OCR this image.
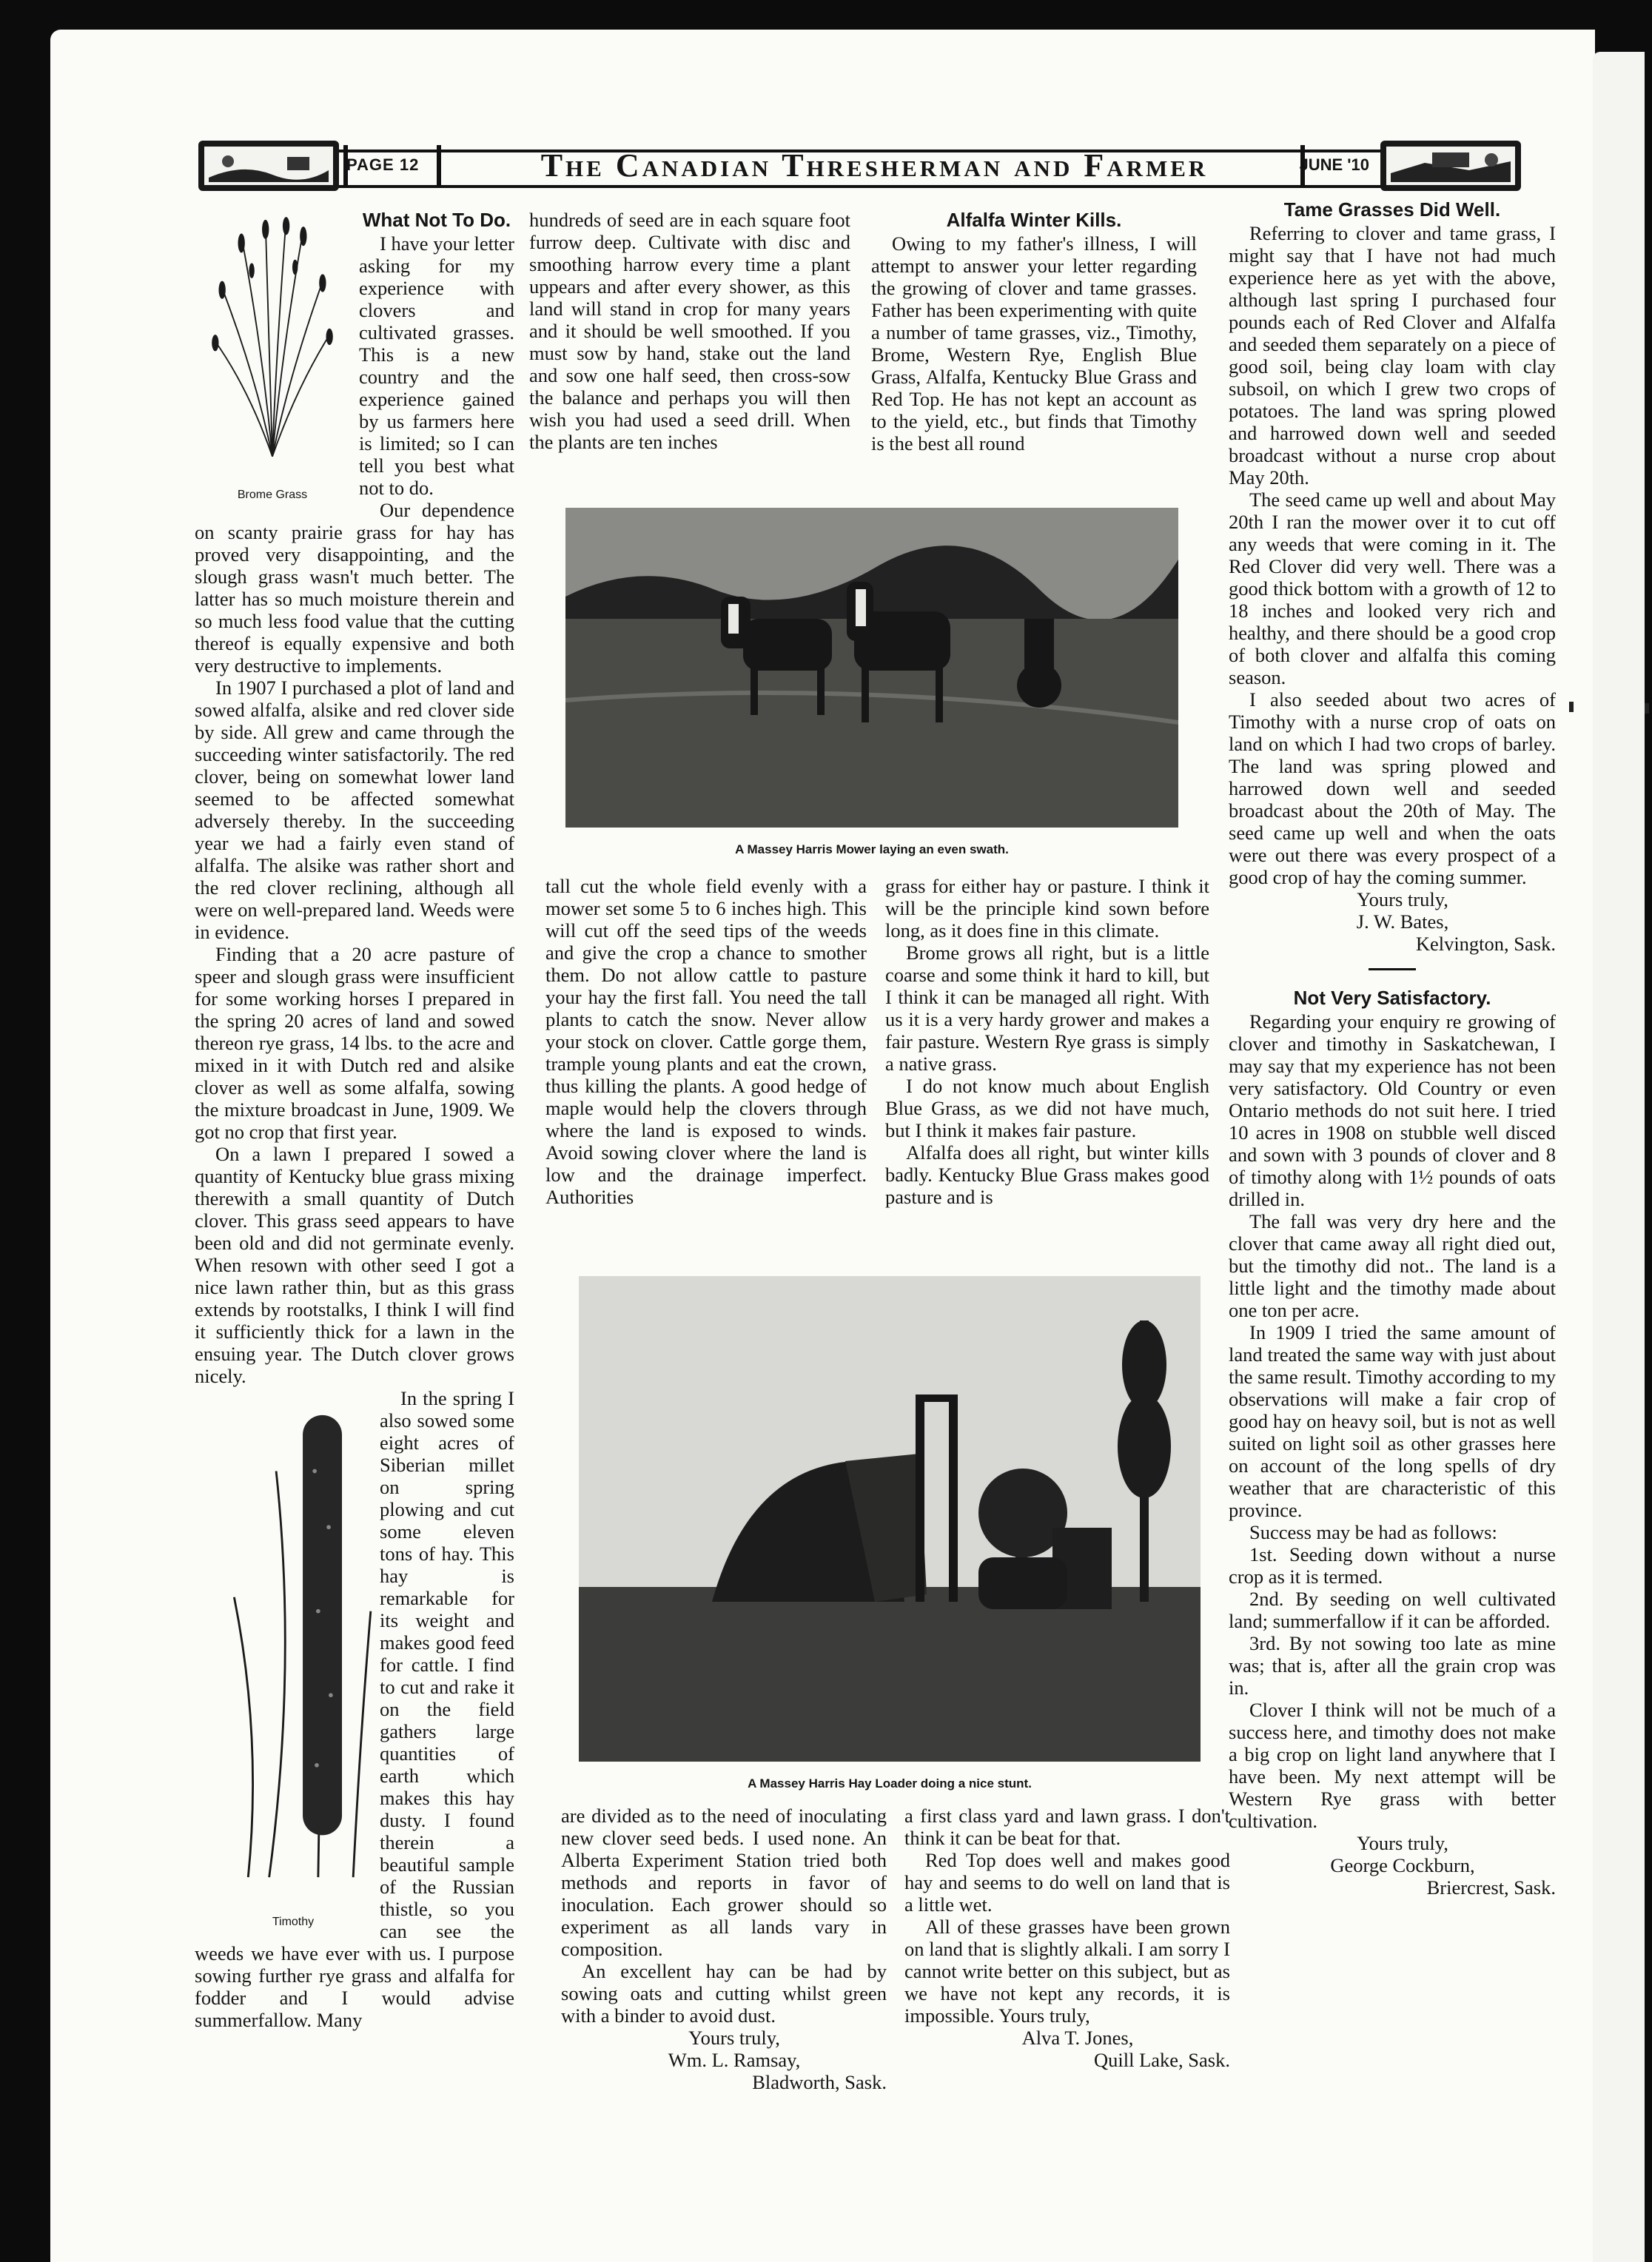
PAGE 12	The Canadian Thresherman and Farmer	JUNE '10
Brome Grass
What Not To Do.

I have your letter asking for my experience with clovers and cultivated grasses. This is a new country and the experience gained by us farmers here is limited; so I can tell you best what not to do.

Our dependence on scanty prairie grass for hay has proved very disappointing, and the slough grass wasn't much better. The latter has so much moisture therein and so much less food value that the cutting thereof is equally expensive and both very destructive to implements.

In 1907 I purchased a plot of land and sowed alfalfa, alsike and red clover side by side. All grew and came through the succeeding winter satisfactorily. The red clover, being on somewhat lower land seemed to be affected somewhat adversely thereby. In the succeeding year we had a fairly even stand of alfalfa. The alsike was rather short and the red clover reclining, although all were on well-prepared land. Weeds were in evidence.

Finding that a 20 acre pasture of speer and slough grass were insufficient for some working horses I prepared in the spring 20 acres of land and sowed thereon rye grass, 14 lbs. to the acre and mixed in it with Dutch red and alsike clover as well as some alfalfa, sowing the mixture broadcast in June, 1909. We got no crop that first year.

On a lawn I prepared I sowed a quantity of Kentucky blue grass mixing therewith a small quantity of Dutch clover. This grass seed appears to have been old and did not germinate evenly. When resown with other seed I got a nice lawn rather thin, but as this grass extends by rootstalks, I think I will find it sufficiently thick for a lawn in the ensuing year. The Dutch clover grows nicely.

Timothy
In the spring I also sowed some eight acres of Siberian millet on spring plowing and cut some eleven tons of hay. This hay is remarkable for its weight and makes good feed for cattle. I find to cut and rake it on the field gathers large quantities of earth which makes this hay dusty. I found therein a beautiful sample of the Russian thistle, so you can see the weeds we have ever with us. I purpose sowing further rye grass and alfalfa for fodder and I would advise summerfallow. Many

hundreds of seed are in each square foot furrow deep. Cultivate with disc and smoothing harrow every time a plant uppears and after every shower, as this land will stand in crop for many years and it should be well smoothed. If you must sow by hand, stake out the land and sow one half seed, then cross-sow the balance and perhaps you will then wish you had used a seed drill. When the plants are ten inches

Alfalfa Winter Kills.

Owing to my father's illness, I will attempt to answer your letter regarding the growing of clover and tame grasses. Father has been experimenting with quite a number of tame grasses, viz., Timothy, Brome, Western Rye, English Blue Grass, Alfalfa, Kentucky Blue Grass and Red Top. He has not kept an account as to the yield, etc., but finds that Timothy is the best all round

A Massey Harris Mower laying an even swath.

tall cut the whole field evenly with a mower set some 5 to 6 inches high. This will cut off the seed tips of the weeds and give the crop a chance to smother them. Do not allow cattle to pasture your hay the first fall. You need the tall plants to catch the snow. Never allow your stock on clover. Cattle gorge them, trample young plants and eat the crown, thus killing the plants. A good hedge of maple would help the clovers through where the land is exposed to winds. Avoid sowing clover where the land is low and the drainage imperfect. Authorities

grass for either hay or pasture. I think it will be the principle kind sown before long, as it does fine in this climate.

Brome grows all right, but is a little coarse and some think it hard to kill, but I think it can be managed all right. With us it is a very hardy grower and makes a fair pasture. Western Rye grass is simply a native grass.

I do not know much about English Blue Grass, as we did not have much, but I think it makes fair pasture.

Alfalfa does all right, but winter kills badly. Kentucky Blue Grass makes good pasture and is

A Massey Harris Hay Loader doing a nice stunt.

are divided as to the need of inoculating new clover seed beds. I used none. An Alberta Experiment Station tried both methods and reports in favor of inoculation. Each grower should so experiment as all lands vary in composition.

An excellent hay can be had by sowing oats and cutting whilst green with a binder to avoid dust.

Yours truly,

Wm. L. Ramsay,

Bladworth, Sask.

a first class yard and lawn grass. I don't think it can be beat for that.

Red Top does well and makes good hay and seems to do well on land that is a little wet.

All of these grasses have been grown on land that is slightly alkali. I am sorry I cannot write better on this subject, but as we have not kept any records, it is impossible. Yours truly,

Alva T. Jones,

Quill Lake, Sask.

Tame Grasses Did Well.

Referring to clover and tame grass, I might say that I have not had much experience here as yet with the above, although last spring I purchased four pounds each of Red Clover and Alfalfa and seeded them separately on a piece of good soil, being clay loam with clay subsoil, on which I grew two crops of potatoes. The land was spring plowed and harrowed down well and seeded broadcast without a nurse crop about May 20th.

The seed came up well and about May 20th I ran the mower over it to cut off any weeds that were coming in it. The Red Clover did very well. There was a good thick bottom with a growth of 12 to 18 inches and looked very rich and healthy, and there should be a good crop of both clover and alfalfa this coming season.

I also seeded about two acres of Timothy with a nurse crop of oats on land on which I had two crops of barley. The land was spring plowed and harrowed down well and seeded broadcast about the 20th of May. The seed came up well and when the oats were out there was every prospect of a good crop of hay the coming summer.

Yours truly,

J. W. Bates,

Kelvington, Sask.

Not Very Satisfactory.

Regarding your enquiry re growing of clover and timothy in Saskatchewan, I may say that my experience has not been very satisfactory. Old Country or even Ontario methods do not suit here. I tried 10 acres in 1908 on stubble well disced and sown with 3 pounds of clover and 8 of timothy along with 1½ pounds of oats drilled in.

The fall was very dry here and the clover that came away all right died out, but the timothy did not.. The land is a little light and the timothy made about one ton per acre.

In 1909 I tried the same amount of land treated the same way with just about the same result. Timothy according to my observations will make a fair crop of good hay on heavy soil, but is not as well suited on light soil as other grasses here on account of the long spells of dry weather that are characteristic of this province.

Success may be had as follows:

1st. Seeding down without a nurse crop as it is termed.

2nd. By seeding on well cultivated land; summerfallow if it can be afforded.

3rd. By not sowing too late as mine was; that is, after all the grain crop was in.

Clover I think will not be much of a success here, and timothy does not make a big crop on light land anywhere that I have been. My next attempt will be Western Rye grass with better cultivation.

Yours truly,

George Cockburn,

Briercrest, Sask.
